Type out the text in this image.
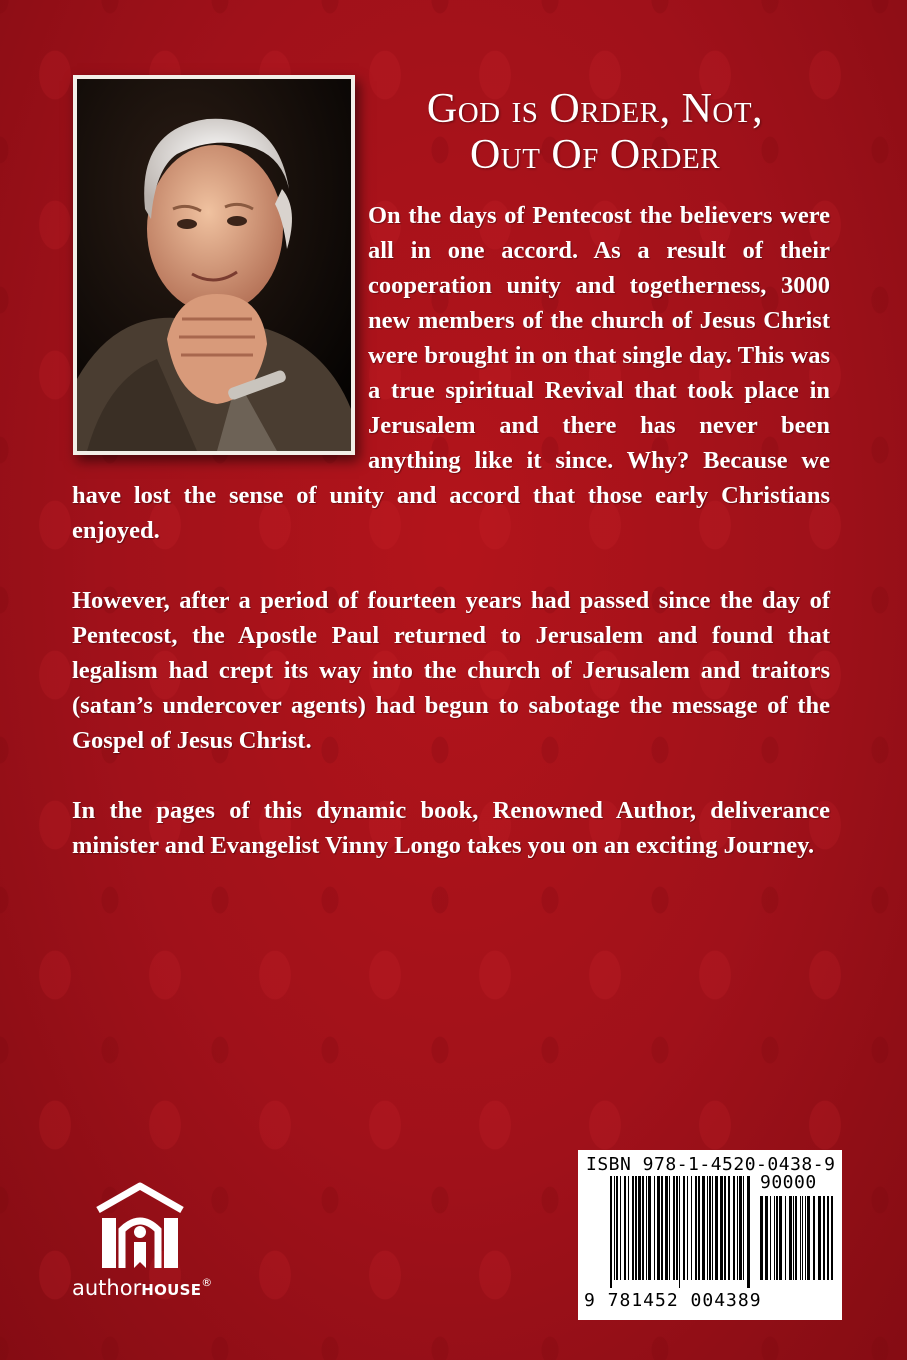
God is Order, Not,
Out Of Order

On the days of Pentecost the believers were all in one accord. As a result of their cooperation unity and togetherness, 3000 new members of the church of Jesus Christ were brought in on that single day. This was a true spiritual Revival that took place in Jerusalem and there has never been anything like it since. Why? Because we have lost the sense of unity and accord that those early Christians enjoyed.

However, after a period of fourteen years had passed since the day of Pentecost, the Apostle Paul returned to Jerusalem and found that legalism had crept its way into the church of Jerusalem and traitors (satan’s undercover agents) had begun to sabotage the message of the Gospel of Jesus Christ.

In the pages of this dynamic book, Renowned Author, deliverance minister and Evangelist Vinny Longo takes you on an exciting Journey.

authorhouse®
ISBN 978-1-4520-0438-9
90000
9 781452 004389
